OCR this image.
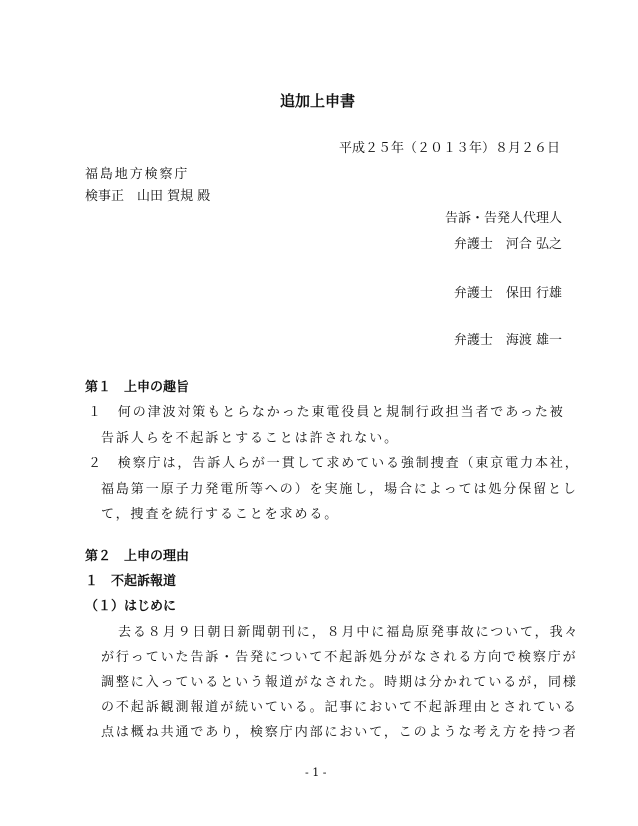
追加上申書
平成２５年（２０１３年）８月２６日
福島地方検察庁
検事正　山田 賀規 殿
告訴・告発人代理人
弁護士　河合 弘之
弁護士　保田 行雄
弁護士　海渡 雄一
第１　上申の趣旨
１　何の津波対策もとらなかった東電役員と規制行政担当者であった被
告訴人らを不起訴とすることは許されない。
２　検察庁は，告訴人らが一貫して求めている強制捜査（東京電力本社，
福島第一原子力発電所等への）を実施し，場合によっては処分保留とし
て，捜査を続行することを求める。
第２　上申の理由
１　不起訴報道
（１）はじめに
去る８月９日朝日新聞朝刊に，８月中に福島原発事故について，我々
が行っていた告訴・告発について不起訴処分がなされる方向で検察庁が
調整に入っているという報道がなされた。時期は分かれているが，同様
の不起訴観測報道が続いている。記事において不起訴理由とされている
点は概ね共通であり，検察庁内部において，このような考え方を持つ者
- 1 -
